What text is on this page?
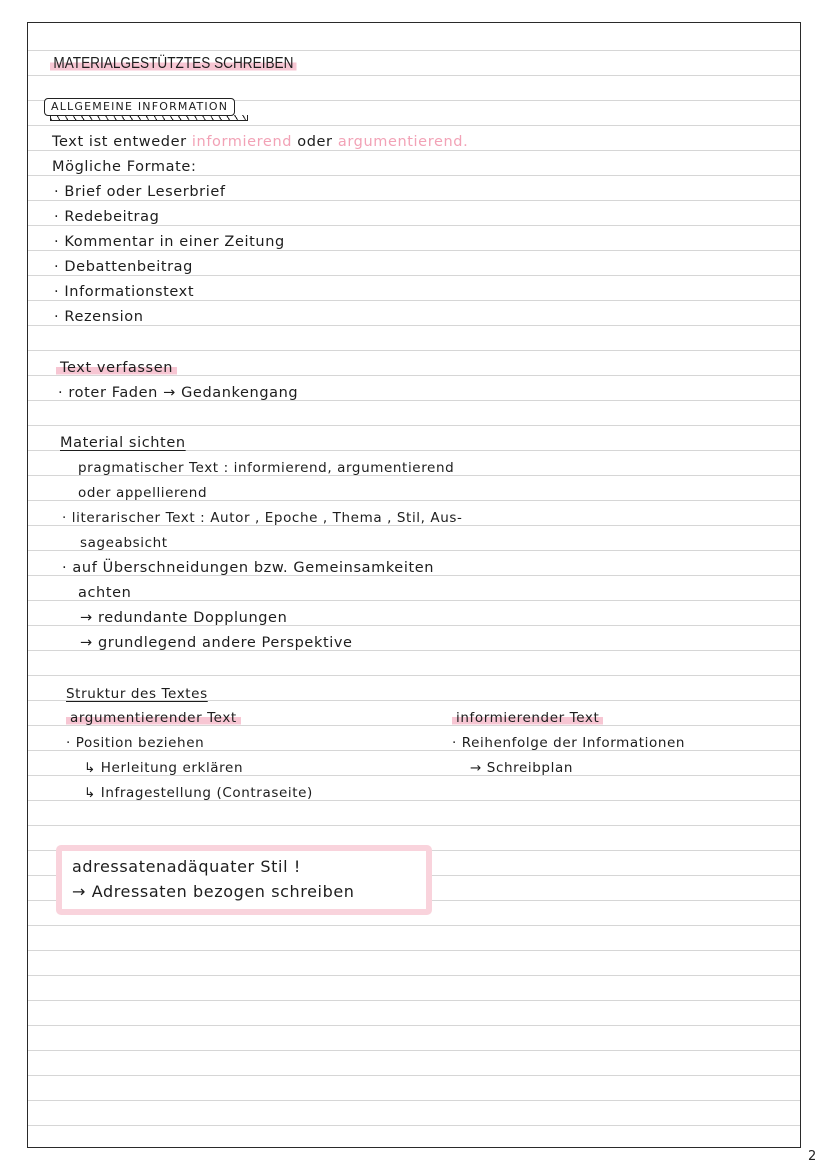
MATERIALGESTÜTZTES SCHREIBEN
ALLGEMEINE INFORMATION
Text ist entweder informierend oder argumentierend.
Mögliche Formate:
· Brief oder Leserbrief
· Redebeitrag
· Kommentar in einer Zeitung
· Debattenbeitrag
· Informationstext
· Rezension
Text verfassen
· roter Faden → Gedankengang
Material sichten
pragmatischer Text : informierend, argumentierend
oder appellierend
· literarischer Text : Autor , Epoche , Thema , Stil, Aus-
sageabsicht
· auf Überschneidungen bzw. Gemeinsamkeiten
achten
→ redundante Dopplungen
→ grundlegend andere Perspektive
Struktur des Textes
argumentierender Text
· Position beziehen
↳ Herleitung erklären
↳ Infragestellung (Contraseite)
informierender Text
· Reihenfolge der Informationen
→ Schreibplan
adressatenadäquater Stil !
→ Adressaten bezogen schreiben
2
